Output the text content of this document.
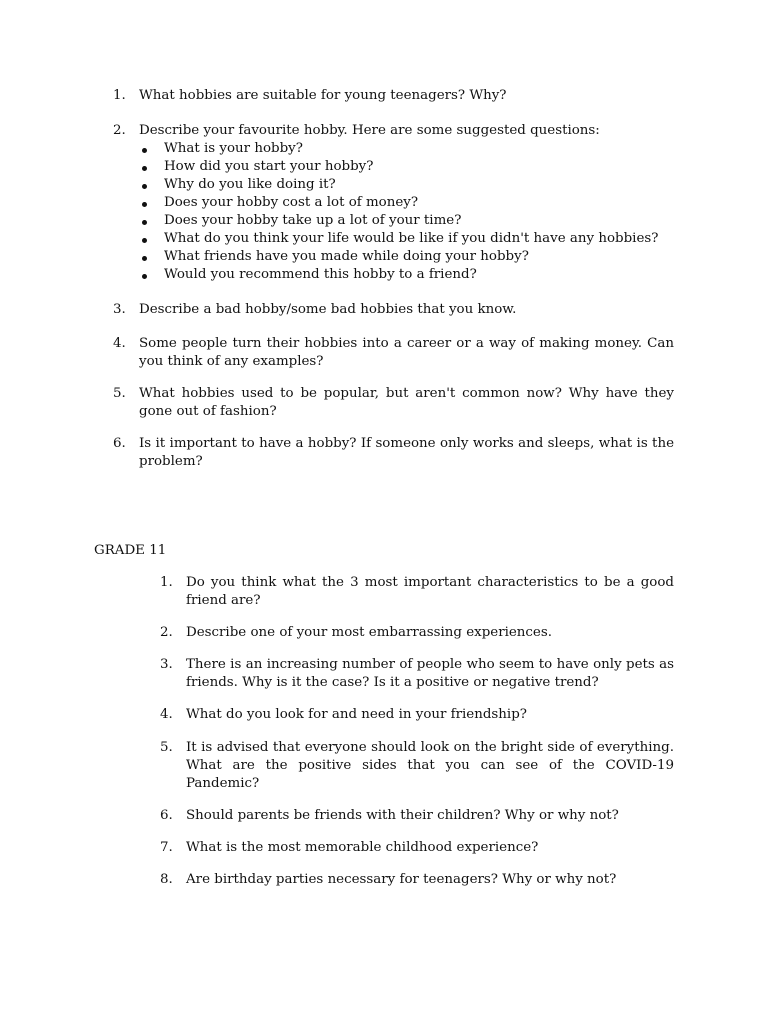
1. What hobbies are suitable for young teenagers? Why?
2. Describe your favourite hobby. Here are some suggested questions:
What is your hobby?
How did you start your hobby?
Why do you like doing it?
Does your hobby cost a lot of money?
Does your hobby take up a lot of your time?
What do you think your life would be like if you didn't have any hobbies?
What friends have you made while doing your hobby?
Would you recommend this hobby to a friend?
3. Describe a bad hobby/some bad hobbies that you know.
4. Some people turn their hobbies into a career or a way of making money. Can you think of any examples?
5. What hobbies used to be popular, but aren't common now? Why have they gone out of fashion?
6. Is it important to have a hobby? If someone only works and sleeps, what is the problem?
GRADE 11
1. Do you think what the 3 most important characteristics to be a good friend are?
2. Describe one of your most embarrassing experiences.
3. There is an increasing number of people who seem to have only pets as friends. Why is it the case? Is it a positive or negative trend?
4. What do you look for and need in your friendship?
5. It is advised that everyone should look on the bright side of everything. What are the positive sides that you can see of the COVID-19 Pandemic?
6. Should parents be friends with their children? Why or why not?
7. What is the most memorable childhood experience?
8. Are birthday parties necessary for teenagers? Why or why not?
